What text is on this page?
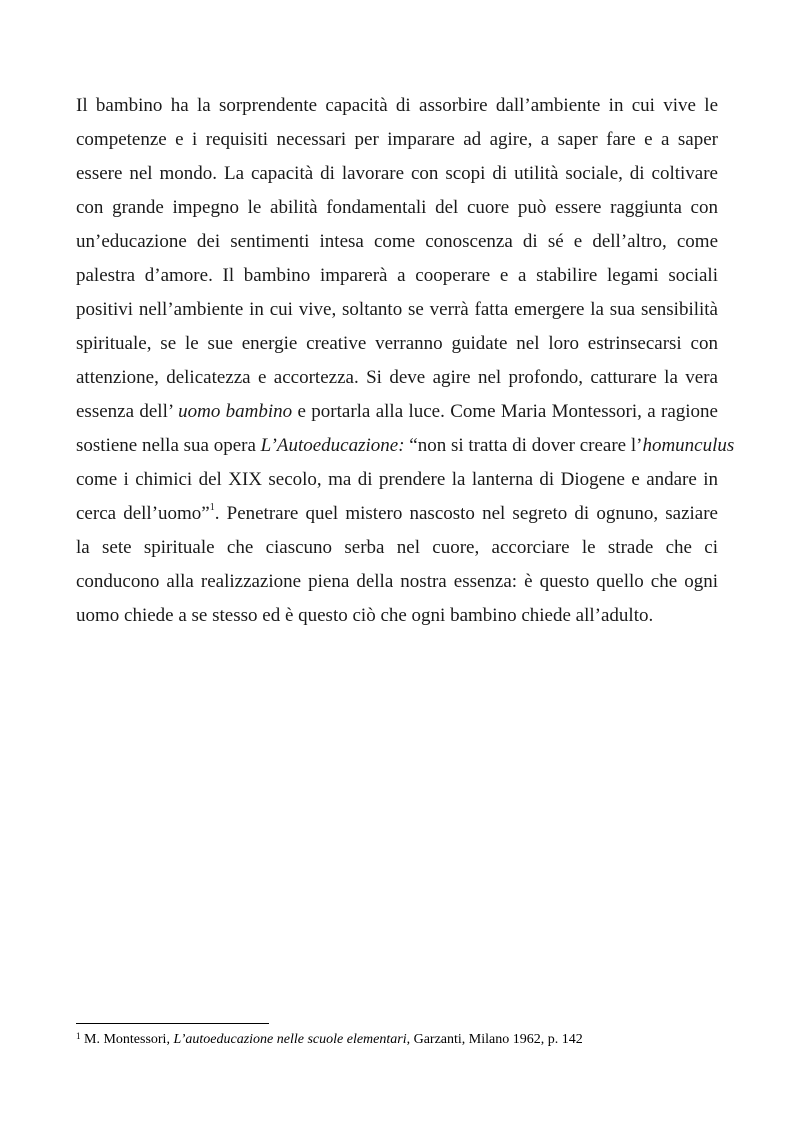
Il bambino ha la sorprendente capacità di assorbire dall’ambiente in cui vive le
competenze e i requisiti necessari per imparare ad agire, a saper fare e a saper
essere nel mondo. La capacità di lavorare con scopi di utilità sociale, di coltivare
con grande impegno le abilità fondamentali del cuore può essere raggiunta con
un’educazione dei sentimenti intesa come conoscenza di sé e dell’altro, come
palestra d’amore. Il bambino imparerà a cooperare e a stabilire legami sociali
positivi nell’ambiente in cui vive, soltanto se verrà fatta emergere la sua sensibilità
spirituale, se le sue energie creative verranno guidate nel loro estrinsecarsi con
attenzione, delicatezza e accortezza. Si deve agire nel profondo, catturare la vera
essenza dell’ uomo bambino e portarla alla luce. Come Maria Montessori, a ragione
sostiene nella sua opera L’Autoeducazione: “non si tratta di dover creare l’homunculus
come i chimici del XIX secolo, ma di prendere la lanterna di Diogene e andare in
cerca dell’uomo”$^1$. Penetrare quel mistero nascosto nel segreto di ognuno, saziare
la sete spirituale che ciascuno serba nel cuore, accorciare le strade che ci
conducono alla realizzazione piena della nostra essenza: è questo quello che ogni
uomo chiede a se stesso ed è questo ciò che ogni bambino chiede all’adulto.
$^1$ M. Montessori, L’autoeducazione nelle scuole elementari, Garzanti, Milano 1962, p. 142
